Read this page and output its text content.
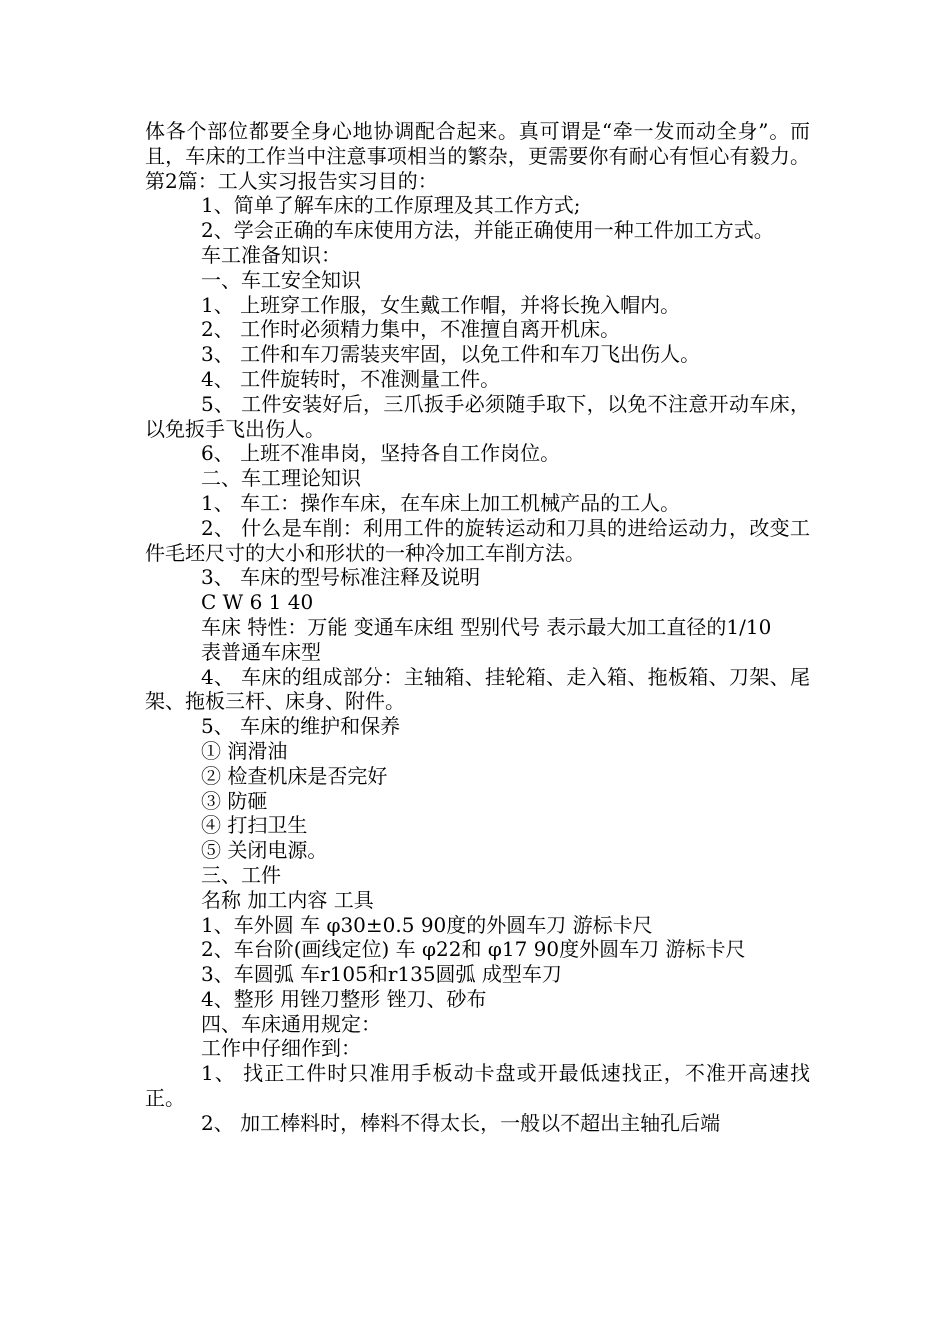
体各个部位都要全身心地协调配合起来。真可谓是“牵一发而动全身”。而且，车床的工作当中注意事项相当的繁杂，更需要你有耐心有恒心有毅力。第2篇：工人实习报告实习目的：

1、简单了解车床的工作原理及其工作方式;

2、学会正确的车床使用方法，并能正确使用一种工件加工方式。

车工准备知识：

一、车工安全知识

1、 上班穿工作服，女生戴工作帽，并将长挽入帽内。

2、 工作时必须精力集中，不准擅自离开机床。

3、 工件和车刀需装夹牢固，以免工件和车刀飞出伤人。

4、 工件旋转时，不准测量工件。

5、 工件安装好后，三爪扳手必须随手取下，以免不注意开动车床，以免扳手飞出伤人。

6、 上班不准串岗，坚持各自工作岗位。

二、车工理论知识

1、 车工：操作车床，在车床上加工机械产品的工人。

2、 什么是车削：利用工件的旋转运动和刀具的进给运动力，改变工件毛坯尺寸的大小和形状的一种冷加工车削方法。

3、 车床的型号标准注释及说明

C W 6 1 40

车床 特性：万能 变通车床组 型别代号 表示最大加工直径的1/10

表普通车床型

4、 车床的组成部分：主轴箱、挂轮箱、走入箱、拖板箱、刀架、尾架、拖板三杆、床身、附件。

5、 车床的维护和保养

① 润滑油

② 检查机床是否完好

③ 防砸

④ 打扫卫生

⑤ 关闭电源。

三、工件

名称 加工内容 工具

1、车外圆 车 φ30±0.5 90度的外圆车刀 游标卡尺

2、车台阶(画线定位) 车 φ22和 φ17 90度外圆车刀 游标卡尺

3、车圆弧 车r105和r135圆弧 成型车刀

4、整形 用锉刀整形 锉刀、砂布

四、车床通用规定：

工作中仔细作到：

1、 找正工件时只准用手板动卡盘或开最低速找正，不准开高速找正。

2、 加工棒料时，棒料不得太长，一般以不超出主轴孔后端
